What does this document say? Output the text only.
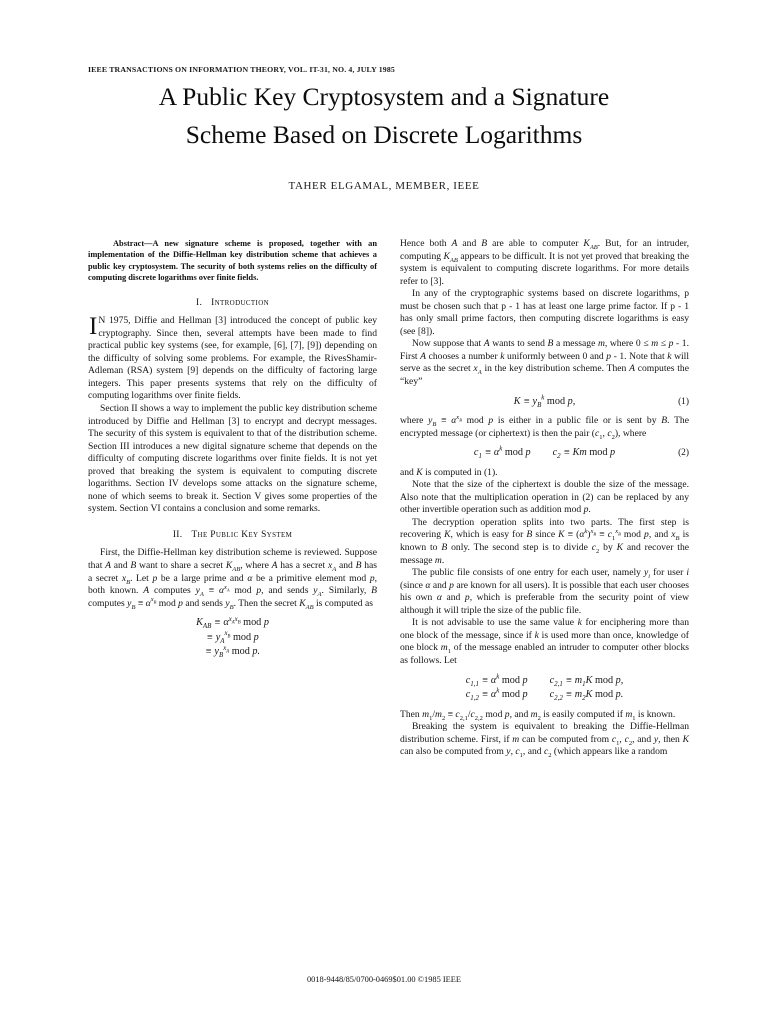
IEEE TRANSACTIONS ON INFORMATION THEORY, VOL. IT-31, NO. 4, JULY 1985
A Public Key Cryptosystem and a Signature
Scheme Based on Discrete Logarithms
TAHER ELGAMAL, MEMBER, IEEE

Abstract—A new signature scheme is proposed, together with an implementation of the Diffie-Hellman key distribution scheme that achieves a public key cryptosystem. The security of both systems relies on the difficulty of computing discrete logarithms over finite fields.

I. Introduction

I N 1975, Diffie and Hellman [3] introduced the concept of public key cryptography. Since then, several attempts have been made to find practical public key systems (see, for example, [6], [7], [9]) depending on the difficulty of solving some problems. For example, the RivesShamir-Adleman (RSA) system [9] depends on the difficulty of factoring large integers. This paper presents systems that rely on the difficulty of computing logarithms over finite fields.

Section II shows a way to implement the public key distribution scheme introduced by Diffie and Hellman [3] to encrypt and decrypt messages. The security of this system is equivalent to that of the distribution scheme. Section III introduces a new digital signature scheme that depends on the difficulty of computing discrete logarithms over finite fields. It is not yet proved that breaking the system is equivalent to computing discrete logarithms. Section IV develops some attacks on the signature scheme, none of which seems to break it. Section V gives some properties of the system. Section VI contains a conclusion and some remarks.

II. The Public Key System

First, the Diffie-Hellman key distribution scheme is reviewed. Suppose that A and B want to share a secret $K_{AB}$, where A has a secret $x_A$ and B has a secret $x_B$. Let p be a large prime and α be a primitive element mod p, both known. A computes $y_A \equiv \alpha^{x_A}$ mod p, and sends $y_A$. Similarly, B computes $y_B \equiv \alpha^{x_B}$ mod p and sends $y_B$. Then the secret $K_{AB}$ is computed as

$K_{AB} \equiv \alpha^{x_Ax_B}$ mod p
≡ $y_A^{x_B}$ mod p
≡ $y_B^{x_A}$ mod p.

Hence both A and B are able to computer $K_{AB}$. But, for an intruder, computing $K_{AB}$ appears to be difficult. It is not yet proved that breaking the system is equivalent to computing discrete logarithms. For more details refer to [3].

In any of the cryptographic systems based on discrete logarithms, p must be chosen such that p - 1 has at least one large prime factor. If p - 1 has only small prime factors, then computing discrete logarithms is easy (see [8]).

Now suppose that A wants to send B a message m, where 0 ≤ m ≤ p - 1. First A chooses a number k uniformly between 0 and p - 1. Note that k will serve as the secret $x_A$ in the key distribution scheme. Then A computes the “key”

$K \equiv y_B^k$ mod p,	(1)

where $y_B \equiv \alpha^{x_B}$ mod p is either in a public file or is sent by B. The encrypted message (or ciphertext) is then the pair ($c_1$, $c_2$), where

$c_1 \equiv \alpha^k$ mod p $c_2 \equiv Km$ mod p	(2)

and K is computed in (1).

Note that the size of the ciphertext is double the size of the message. Also note that the multiplication operation in (2) can be replaced by any other invertible operation such as addition mod p.

The decryption operation splits into two parts. The first step is recovering K, which is easy for B since $K \equiv (\alpha^k)^{x_B} \equiv c_1^{x_B}$ mod p, and $x_B$ is known to B only. The second step is to divide $c_2$ by K and recover the message m.

The public file consists of one entry for each user, namely $y_i$ for user i (since α and p are known for all users). It is possible that each user chooses his own α and p, which is preferable from the security point of view although it will triple the size of the public file.

It is not advisable to use the same value k for enciphering more than one block of the message, since if k is used more than once, knowledge of one block $m_1$ of the message enabled an intruder to computer other blocks as follows. Let

$c_{1,1} \equiv \alpha^k$ mod p $c_{2,1} \equiv m_1K$ mod p,
$c_{1,2} \equiv \alpha^k$ mod p $c_{2,2} \equiv m_2K$ mod p.

Then $m_1/m_2 \equiv c_{2,1}/c_{2,2}$ mod p, and $m_2$ is easily computed if $m_1$ is known.

Breaking the system is equivalent to breaking the Diffie-Hellman distribution scheme. First, if m can be computed from $c_1$, $c_2$, and y, then K can also be computed from y, $c_1$, and $c_2$ (which appears like a random

0018-9448/85/0700-0469$01.00 ©1985 IEEE
